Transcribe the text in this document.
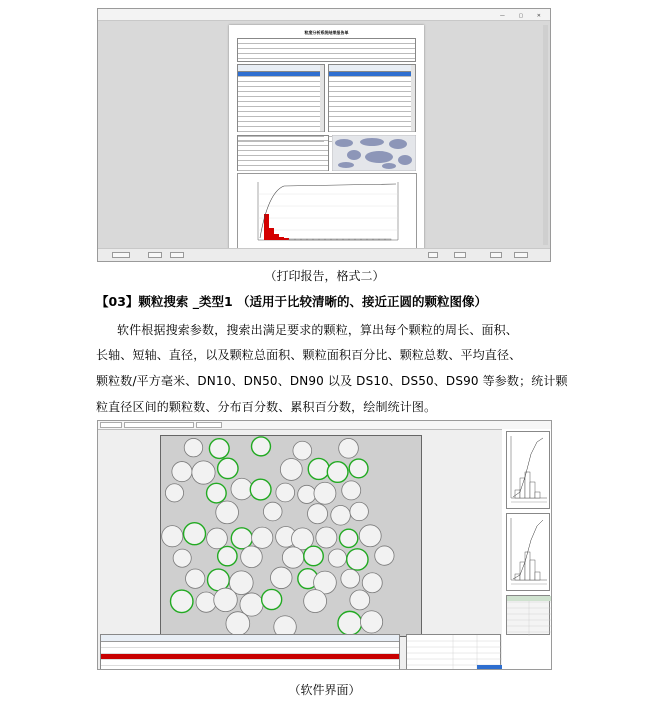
— ▢ ✕
粒度分析系统结果报告单
（打印报告，格式二）
【03】颗粒搜索 _类型1 （适用于比较清晰的、接近正圆的颗粒图像）
软件根据搜索参数，搜索出满足要求的颗粒，算出每个颗粒的周长、面积、
长轴、短轴、直径，以及颗粒总面积、颗粒面积百分比、颗粒总数、平均直径、
颗粒数/平方毫米、DN10、DN50、DN90 以及 DS10、DS50、DS90 等参数；统计颗
粒直径区间的颗粒数、分布百分数、累积百分数，绘制统计图。
（软件界面）
